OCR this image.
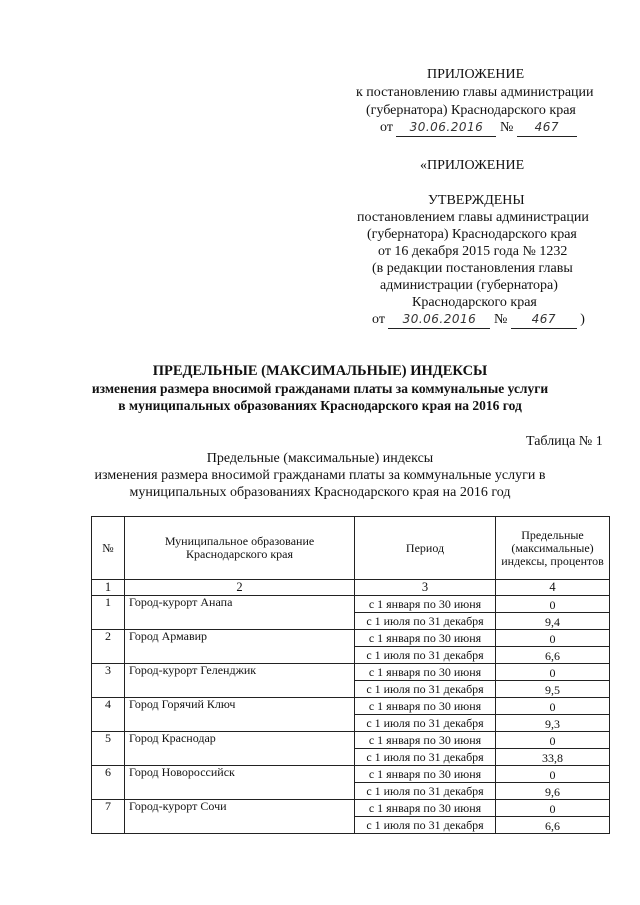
ПРИЛОЖЕНИЕ
к постановлению главы администрации
(губернатора) Краснодарского края
от 30.06.2016 № 467
«ПРИЛОЖЕНИЕ
УТВЕРЖДЕНЫ
постановлением главы администрации
(губернатора) Краснодарского края
от 16 декабря 2015 года № 1232
(в редакции постановления главы
администрации (губернатора)
Краснодарского края
от 30.06.2016 № 467 )
ПРЕДЕЛЬНЫЕ (МАКСИМАЛЬНЫЕ) ИНДЕКСЫ
изменения размера вносимой гражданами платы за коммунальные услуги
в муниципальных образованиях Краснодарского края на 2016 год
Таблица № 1
Предельные (максимальные) индексы
изменения размера вносимой гражданами платы за коммунальные услуги в
муниципальных образованиях Краснодарского края на 2016 год
№	Муниципальное образование Краснодарского края	Период	Предельные (максимальные) индексы, процентов
1	2	3	4
1	Город-курорт Анапа	с 1 января по 30 июня	0
		с 1 июля по 31 декабря	9,4
2	Город Армавир	с 1 января по 30 июня	0
		с 1 июля по 31 декабря	6,6
3	Город-курорт Геленджик	с 1 января по 30 июня	0
		с 1 июля по 31 декабря	9,5
4	Город Горячий Ключ	с 1 января по 30 июня	0
		с 1 июля по 31 декабря	9,3
5	Город Краснодар	с 1 января по 30 июня	0
		с 1 июля по 31 декабря	33,8
6	Город Новороссийск	с 1 января по 30 июня	0
		с 1 июля по 31 декабря	9,6
7	Город-курорт Сочи	с 1 января по 30 июня	0
		с 1 июля по 31 декабря	6,6
